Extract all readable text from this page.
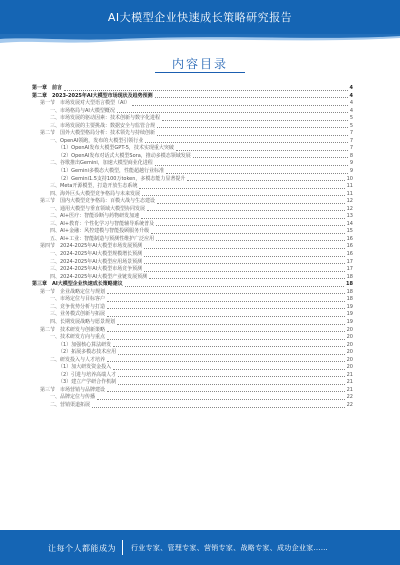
AI大模型企业快速成长策略研究报告
内容目录
第一章　前言	4
第二章　2023-2025年AI大模型市场现状及趋势预测	4
第一节　市场发展对大型语言模型（AI）	4
一、市场格局与AI大模型概况	4
二、市场发展的驱动因素：技术创新与数字化进程	5
三、市场发展的主要挑战：数据安全与监管合规	5
第二节　国外大模型格局分析：技术领先与持续创新	7
一、OpenAI领跑，发布的大模型引领行业	7
（1）OpenAI发布大模型GPT-5，技术实现重大突破	7
（2）OpenAI发布对话式大模型Sora，推动多模态领域发展	8
二、谷歌推出Gemini，加速大模型商业化进程	9
（1）Gemini多模态大模型，性能超越行业标准	9
（2）Gemini1.5支持100万token，多模态能力显著提升	10
三、Meta开源模型，打造开放生态系统	11
四、海外巨头大模型竞争格局与未来发展	11
第三节　国内大模型竞争格局：百模大战与生态建设	12
一、通用大模型与垂直领域大模型协同发展	12
二、AI+医疗：智能诊断与药物研发加速	13
三、AI+教育：个性化学习与智能辅导系统普及	14
四、AI+金融：风控建模与智能投顾服务升级	15
五、AI+工业：智能制造与预测性维护广泛应用	16
第四节　2024-2025年AI大模型市场发展预测	16
一、2024-2025年AI大模型规模增长预测	16
二、2024-2025年AI大模型应用场景预测	17
三、2024-2025年AI大模型市场竞争预测	17
四、2024-2025年AI大模型产业链发展预测	18
第三章　AI大模型企业快速成长策略建议	18
第一节　企业战略定位与规划	18
一、市场定位与目标客户	18
二、竞争优势分析与打造	19
三、业务模式创新与拓展	19
四、长期发展战略与愿景规划	19
第二节　技术研发与创新策略	20
一、技术研发方向与重点	20
（1）加强核心算法研发	20
（2）拓展多模态技术应用	20
二、研发投入与人才培养	20
（1）加大研发资金投入	20
（2）引进与培养高端人才	21
（3）建立产学研合作机制	21
第三节　市场营销与品牌建设	21
一、品牌定位与传播	22
二、营销渠道拓展	22
让每个人都能成为 行业专家、管理专家、营销专家、战略专家、成功企业家……
